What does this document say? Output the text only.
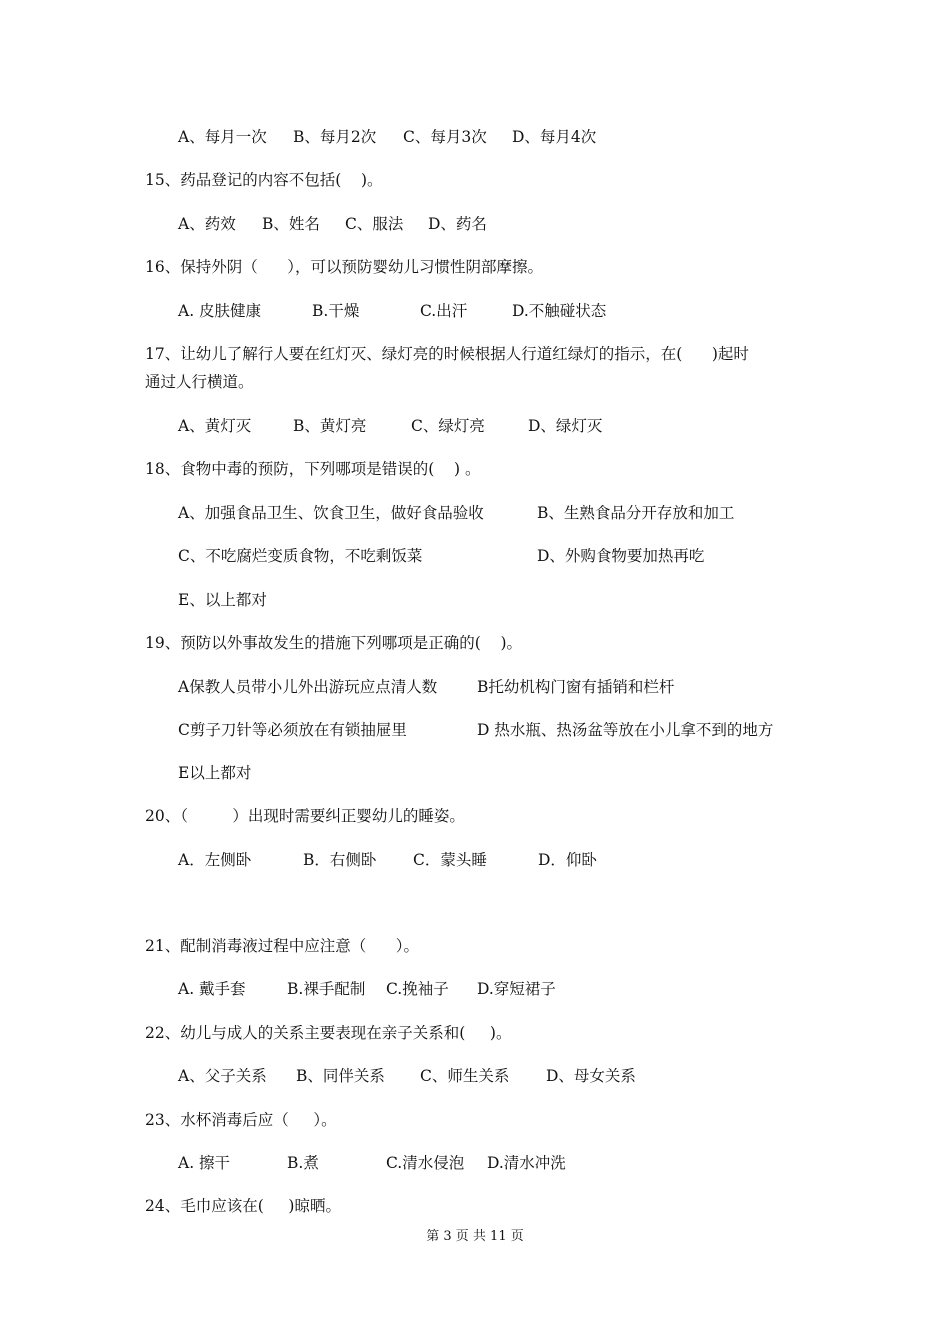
A、每月一次 B、每月2次 C、每月3次 D、每月4次
15、药品登记的内容不包括(    )。
A、药效 B、姓名 C、服法 D、药名
16、保持外阴（      ），可以预防婴幼儿习惯性阴部摩擦。
A. 皮肤健康	B.干燥	C.出汗	D.不触碰状态
17、让幼儿了解行人要在红灯灭、绿灯亮的时候根据人行道红绿灯的指示，在(      )起时
通过人行横道。
A、黄灯灭	B、黄灯亮	C、绿灯亮	D、绿灯灭
18、食物中毒的预防，下列哪项是错误的(    ) 。
A、加强食品卫生、饮食卫生，做好食品验收	B、生熟食品分开存放和加工
C、不吃腐烂变质食物，不吃剩饭菜	D、外购食物要加热再吃
E、以上都对
19、预防以外事故发生的措施下列哪项是正确的(    )。
A保教人员带小儿外出游玩应点清人数	B托幼机构门窗有插销和栏杆
C剪子刀针等必须放在有锁抽屉里	D 热水瓶、热汤盆等放在小儿拿不到的地方
E以上都对
20、（         ）出现时需要纠正婴幼儿的睡姿。
A．左侧卧	B．右侧卧 C．蒙头睡	D．仰卧
21、配制消毒液过程中应注意（      ）。
A. 戴手套	B.裸手配制 C.挽袖子 D.穿短裙子
22、幼儿与成人的关系主要表现在亲子关系和(     )。
A、父子关系 B、同伴关系 C、师生关系 D、母女关系
23、水杯消毒后应（     ）。
A. 擦干	B.煮	C.清水侵泡 D.清水冲洗
24、毛巾应该在(     )晾晒。
第 3 页 共 11 页
